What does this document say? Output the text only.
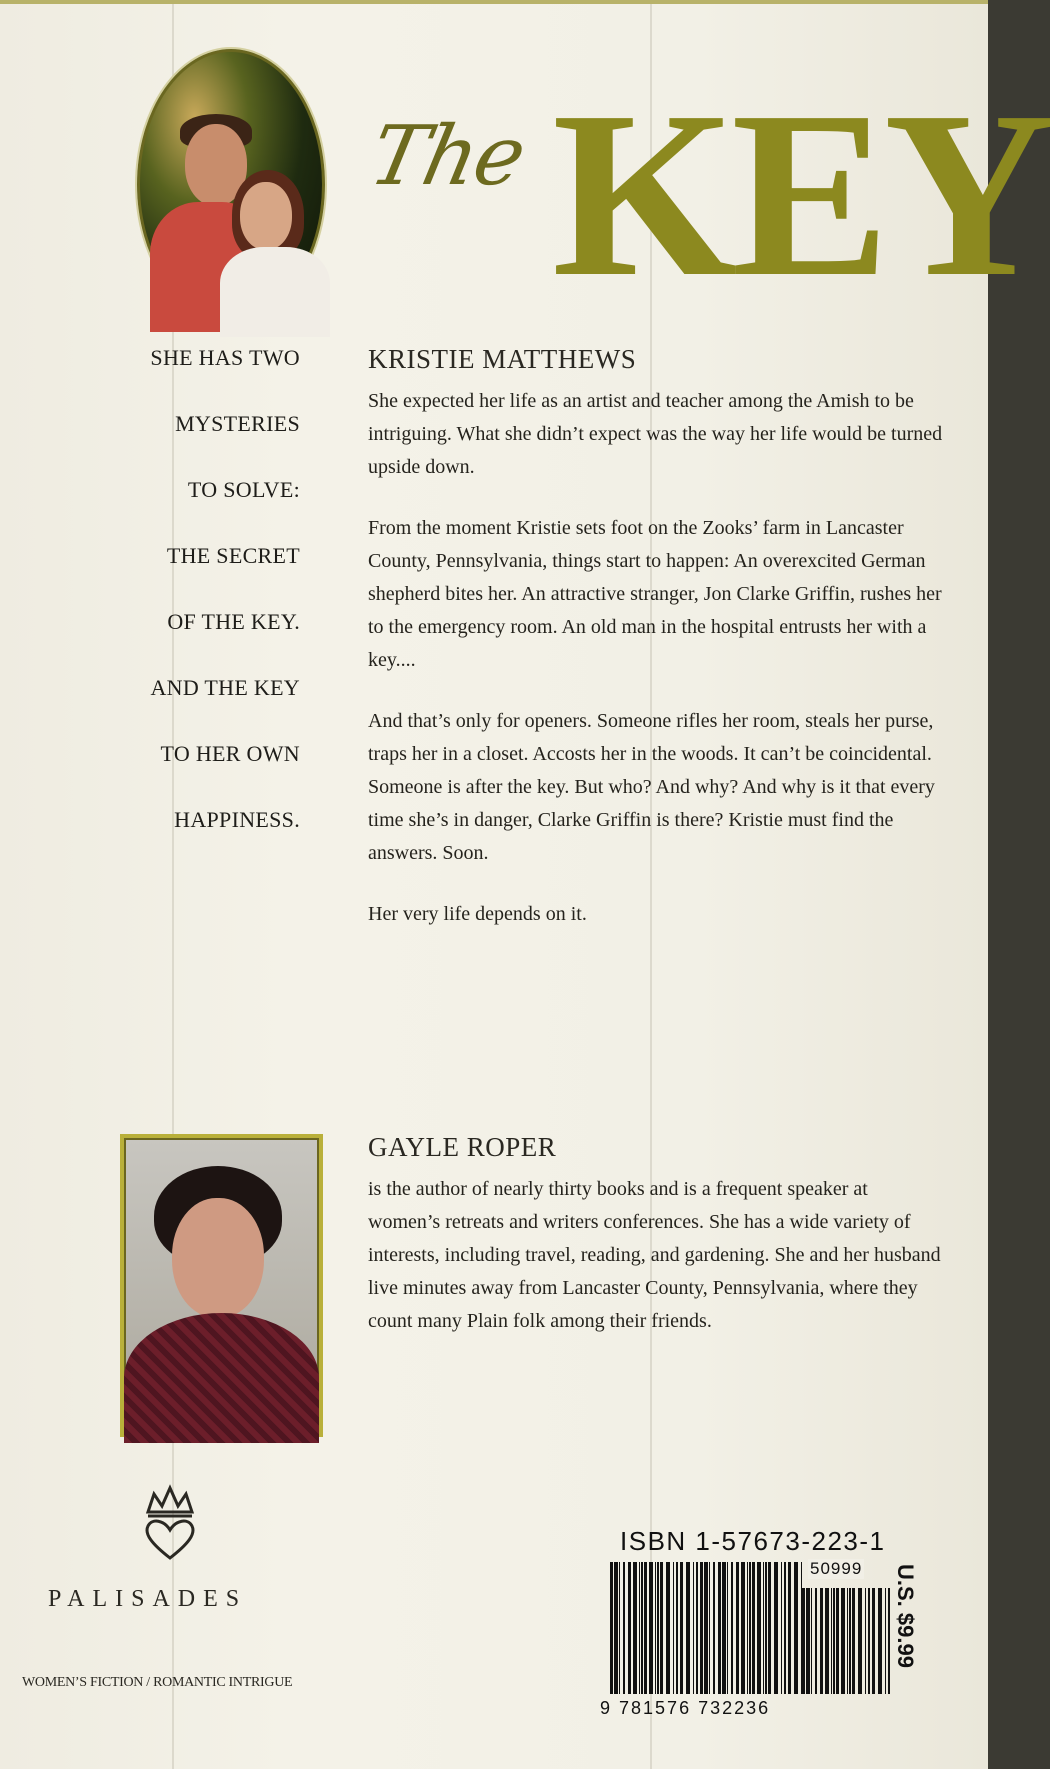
The KEY
SHE HAS TWO
MYSTERIES
TO SOLVE:
THE SECRET
OF THE KEY.
AND THE KEY
TO HER OWN
HAPPINESS.

KRISTIE MATTHEWS

She expected her life as an artist and teacher among the Amish to be intriguing. What she didn’t expect was the way her life would be turned upside down.

From the moment Kristie sets foot on the Zooks’ farm in Lancaster County, Pennsylvania, things start to happen: An overexcited German shepherd bites her. An attractive stranger, Jon Clarke Griffin, rushes her to the emergency room. An old man in the hospital entrusts her with a key....

And that’s only for openers. Someone rifles her room, steals her purse, traps her in a closet. Accosts her in the woods. It can’t be coincidental. Someone is after the key. But who? And why? And why is it that every time she’s in danger, Clarke Griffin is there? Kristie must find the answers. Soon.

Her very life depends on it.

GAYLE ROPER

is the author of nearly thirty books and is a frequent speaker at women’s retreats and writers conferences. She has a wide variety of interests, including travel, reading, and gardening. She and her husband live minutes away from Lancaster County, Pennsylvania, where they count many Plain folk among their friends.

PALISADES
WOMEN’S FICTION / ROMANTIC INTRIGUE
ISBN 1-57673-223-1
50999
9 781576 732236
U.S. $9.99
